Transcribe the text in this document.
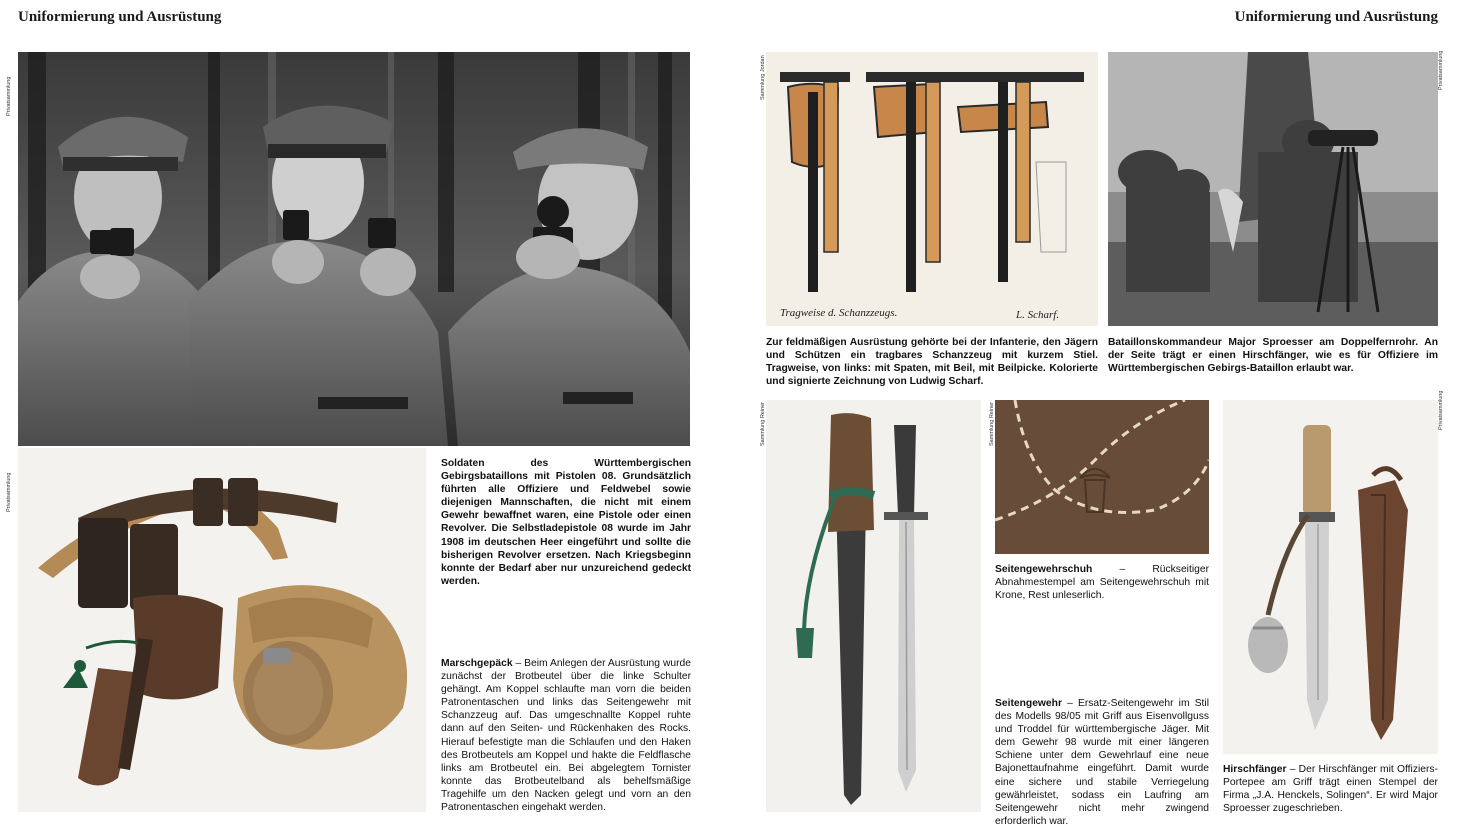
Uniformierung und Ausrüstung
Privatsammlung
Privatsammlung
Soldaten des Württembergischen Gebirgsbataillons mit Pistolen 08. Grundsätzlich führten alle Offiziere und Feldwebel sowie diejenigen Mannschaften, die nicht mit einem Gewehr bewaffnet waren, eine Pistole oder einen Revolver. Die Selbstladepistole 08 wurde im Jahr 1908 im deutschen Heer eingeführt und sollte die bisherigen Revolver ersetzen. Nach Kriegsbeginn konnte der Bedarf aber nur unzureichend gedeckt werden.
Marschgepäck – Beim Anlegen der Ausrüstung wurde zunächst der Brotbeutel über die linke Schulter gehängt. Am Koppel schlaufte man vorn die beiden Patronentaschen und links das Seitengewehr mit Schanzzeug auf. Das umgeschnallte Koppel ruhte dann auf den Seiten- und Rückenhaken des Rocks. Hierauf befestigte man die Schlaufen und den Haken des Brotbeutels am Koppel und hakte die Feldflasche links am Brotbeutel ein. Bei abgelegtem Tornister konnte das Brotbeutelband als behelfsmäßige Tragehilfe um den Nacken gelegt und vorn an den Patronentaschen eingehakt werden.
Uniformierung und Ausrüstung
Tragweise d. Schanzzeugs.	L. Scharf.
Sammlung Jordan	Privatsammlung
Zur feldmäßigen Ausrüstung gehörte bei der Infanterie, den Jägern und Schützen ein tragbares Schanzzeug mit kurzem Stiel. Tragweise, von links: mit Spaten, mit Beil, mit Beilpicke. Kolorierte und signierte Zeichnung von Ludwig Scharf.
Bataillonskommandeur Major Sproesser am Doppelfernrohr. An der Seite trägt er einen Hirschfänger, wie es für Offiziere im Württembergischen Gebirgs-Bataillon erlaubt war.
Sammlung Reiner	Sammlung Reiner
Seitengewehrschuh – Rückseitiger Abnahmestempel am Seitengewehrschuh mit Krone, Rest unleserlich.
Seitengewehr – Ersatz-Seitengewehr im Stil des Modells 98/05 mit Griff aus Eisenvollguss und Troddel für württembergische Jäger. Mit dem Gewehr 98 wurde mit einer längeren Schiene unter dem Gewehrlauf eine neue Bajonettaufnahme eingeführt. Damit wurde eine sichere und stabile Verriegelung gewährleistet, sodass ein Laufring am Seitengewehr nicht mehr zwingend erforderlich war.
Privatsammlung
Hirschfänger – Der Hirschfänger mit Offiziers-Portepee am Griff trägt einen Stempel der Firma „J.A. Henckels, Solingen“. Er wird Major Sproesser zugeschrieben.
